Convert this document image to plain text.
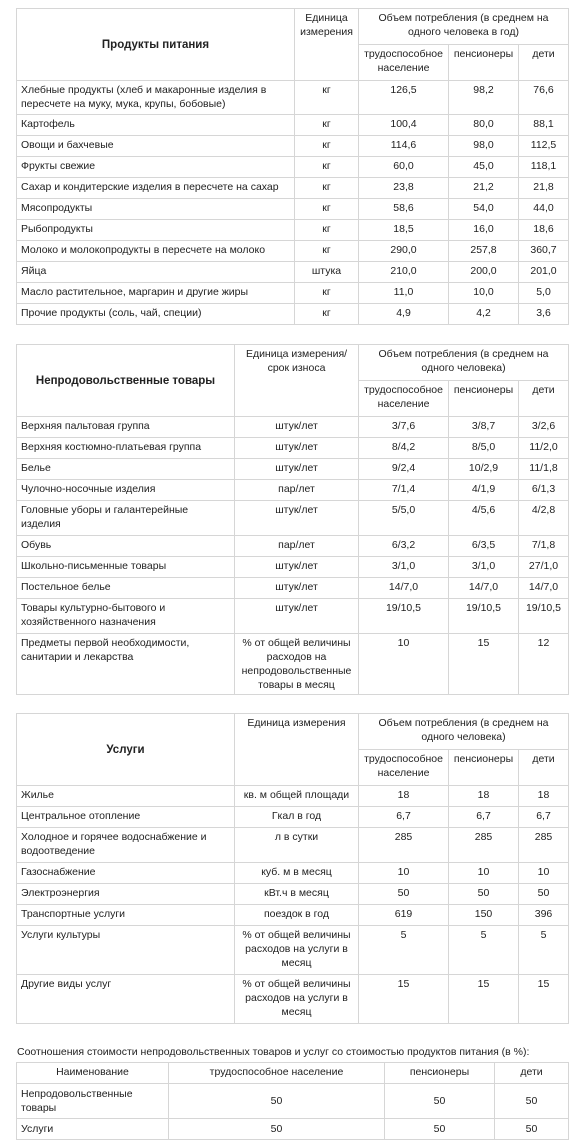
Продукты питания	Единица измерения	Объем потребления (в среднем на одного человека в год)		
		трудоспособное население	пенсионеры	дети
Хлебные продукты (хлеб и макаронные изделия в пересчете на муку, мука, крупы, бобовые)	кг	126,5	98,2	76,6
Картофель	кг	100,4	80,0	88,1
Овощи и бахчевые	кг	114,6	98,0	112,5
Фрукты свежие	кг	60,0	45,0	118,1
Сахар и кондитерские изделия в пересчете на сахар	кг	23,8	21,2	21,8
Мясопродукты	кг	58,6	54,0	44,0
Рыбопродукты	кг	18,5	16,0	18,6
Молоко и молокопродукты в пересчете на молоко	кг	290,0	257,8	360,7
Яйца	штука	210,0	200,0	201,0
Масло растительное, маргарин и другие жиры	кг	11,0	10,0	5,0
Прочие продукты (соль, чай, специи)	кг	4,9	4,2	3,6
Непродовольственные товары	Единица измерения/ срок износа	Объем потребления (в среднем на одного человека)		
		трудоспособное население	пенсионеры	дети
Верхняя пальтовая группа	штук/лет	3/7,6	3/8,7	3/2,6
Верхняя костюмно-платьевая группа	штук/лет	8/4,2	8/5,0	11/2,0
Белье	штук/лет	9/2,4	10/2,9	11/1,8
Чулочно-носочные изделия	пар/лет	7/1,4	4/1,9	6/1,3
Головные уборы и галантерейные изделия	штук/лет	5/5,0	4/5,6	4/2,8
Обувь	пар/лет	6/3,2	6/3,5	7/1,8
Школьно-письменные товары	штук/лет	3/1,0	3/1,0	27/1,0
Постельное белье	штук/лет	14/7,0	14/7,0	14/7,0
Товары культурно-бытового и хозяйственного назначения	штук/лет	19/10,5	19/10,5	19/10,5
Предметы первой необходимости, санитарии и лекарства	% от общей величины расходов на непродовольственные товары в месяц	10	15	12
Услуги	Единица измерения	Объем потребления (в среднем на одного человека)		
		трудоспособное население	пенсионеры	дети
Жилье	кв. м общей площади	18	18	18
Центральное отопление	Гкал в год	6,7	6,7	6,7
Холодное и горячее водоснабжение и водоотведение	л в сутки	285	285	285
Газоснабжение	куб. м в месяц	10	10	10
Электроэнергия	кВт.ч в месяц	50	50	50
Транспортные услуги	поездок в год	619	150	396
Услуги культуры	% от общей величины расходов на услуги в месяц	5	5	5
Другие виды услуг	% от общей величины расходов на услуги в месяц	15	15	15
Соотношения стоимости непродовольственных товаров и услуг со стоимостью продуктов питания (в %):
Наименование	трудоспособное население	пенсионеры	дети
Непродовольственные товары	50	50	50
Услуги	50	50	50
